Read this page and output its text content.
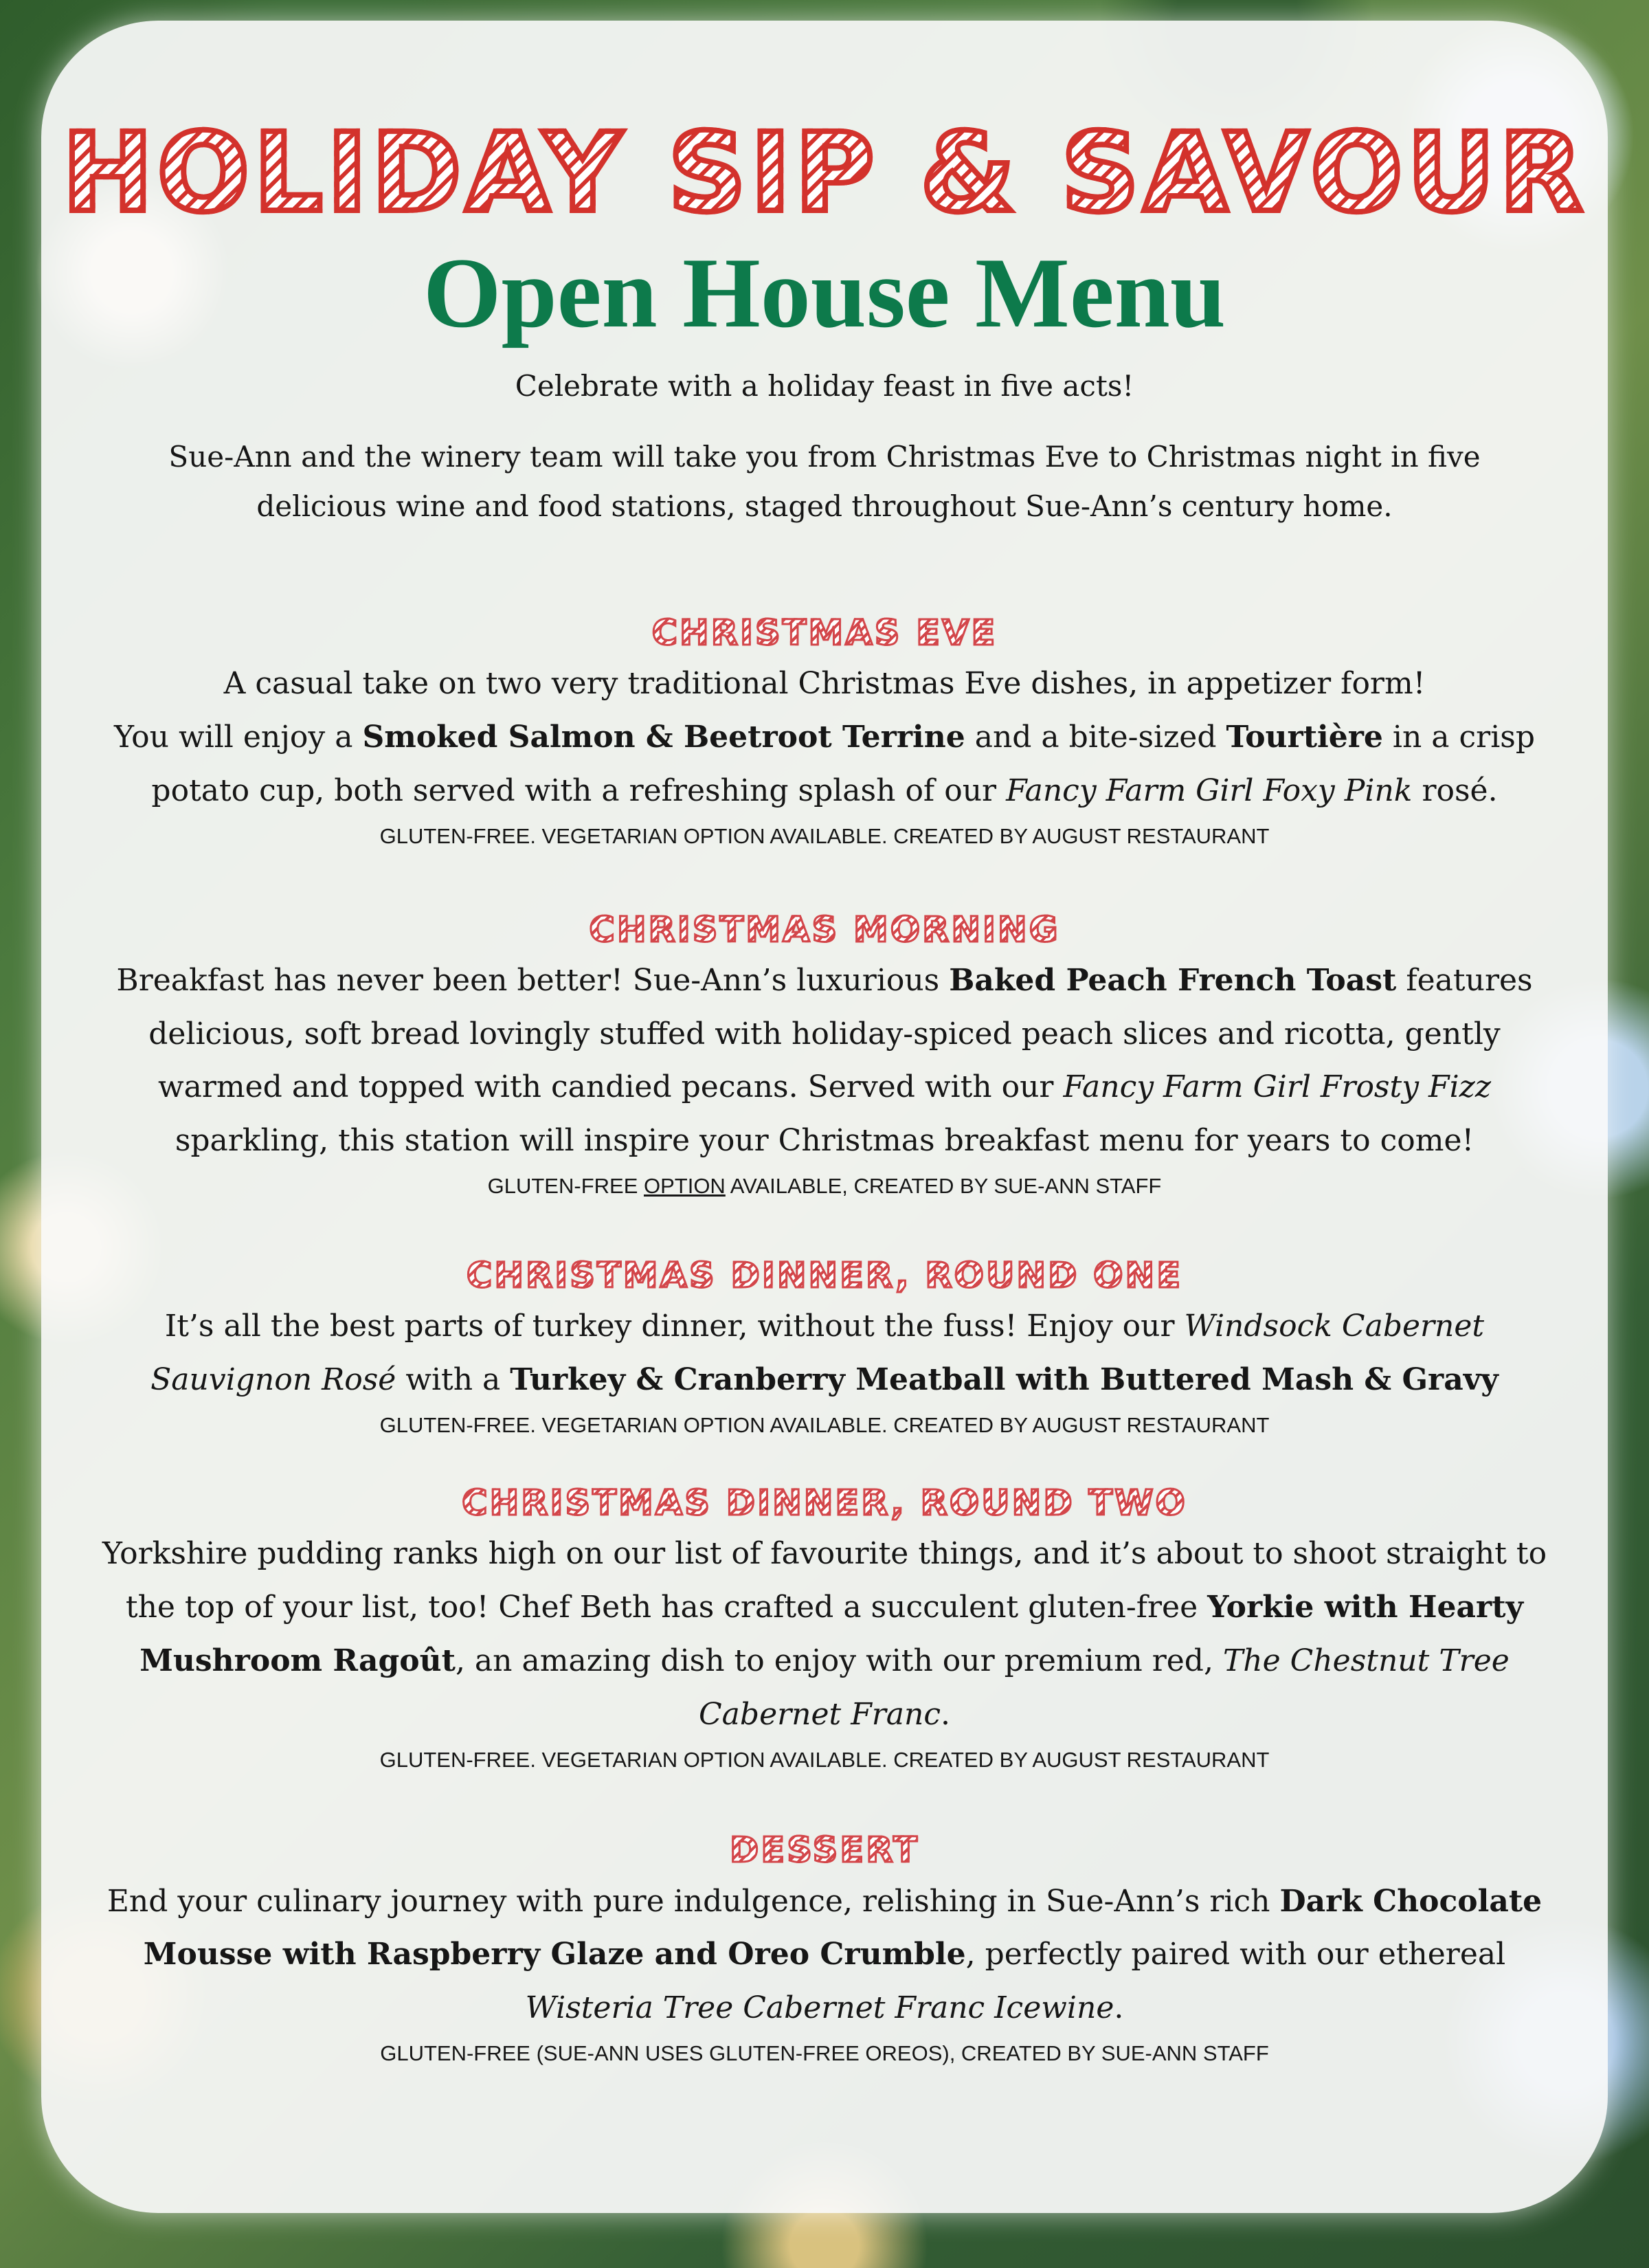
HOLIDAY SIP & SAVOUR
Open House Menu

Celebrate with a holiday feast in five acts!

Sue-Ann and the winery team will take you from Christmas Eve to Christmas night in five delicious wine and food stations, staged throughout Sue-Ann’s century home.

CHRISTMAS EVE

A casual take on two very traditional Christmas Eve dishes, in appetizer form!
You will enjoy a Smoked Salmon & Beetroot Terrine and a bite-sized Tourtière in a crisp potato cup, both served with a refreshing splash of our Fancy Farm Girl Foxy Pink rosé.

GLUTEN-FREE. VEGETARIAN OPTION AVAILABLE. CREATED BY AUGUST RESTAURANT

CHRISTMAS MORNING

Breakfast has never been better! Sue-Ann’s luxurious Baked Peach French Toast features delicious, soft bread lovingly stuffed with holiday-spiced peach slices and ricotta, gently warmed and topped with candied pecans. Served with our Fancy Farm Girl Frosty Fizz sparkling, this station will inspire your Christmas breakfast menu for years to come!

GLUTEN-FREE OPTION AVAILABLE, CREATED BY SUE-ANN STAFF

CHRISTMAS DINNER, ROUND ONE

It’s all the best parts of turkey dinner, without the fuss! Enjoy our Windsock Cabernet Sauvignon Rosé with a Turkey & Cranberry Meatball with Buttered Mash & Gravy

GLUTEN-FREE. VEGETARIAN OPTION AVAILABLE. CREATED BY AUGUST RESTAURANT

CHRISTMAS DINNER, ROUND TWO

Yorkshire pudding ranks high on our list of favourite things, and it’s about to shoot straight to the top of your list, too! Chef Beth has crafted a succulent gluten-free Yorkie with Hearty Mushroom Ragoût, an amazing dish to enjoy with our premium red, The Chestnut Tree Cabernet Franc.

GLUTEN-FREE. VEGETARIAN OPTION AVAILABLE. CREATED BY AUGUST RESTAURANT

DESSERT

End your culinary journey with pure indulgence, relishing in Sue-Ann’s rich Dark Chocolate Mousse with Raspberry Glaze and Oreo Crumble, perfectly paired with our ethereal Wisteria Tree Cabernet Franc Icewine.

GLUTEN-FREE (SUE-ANN USES GLUTEN-FREE OREOS), CREATED BY SUE-ANN STAFF
